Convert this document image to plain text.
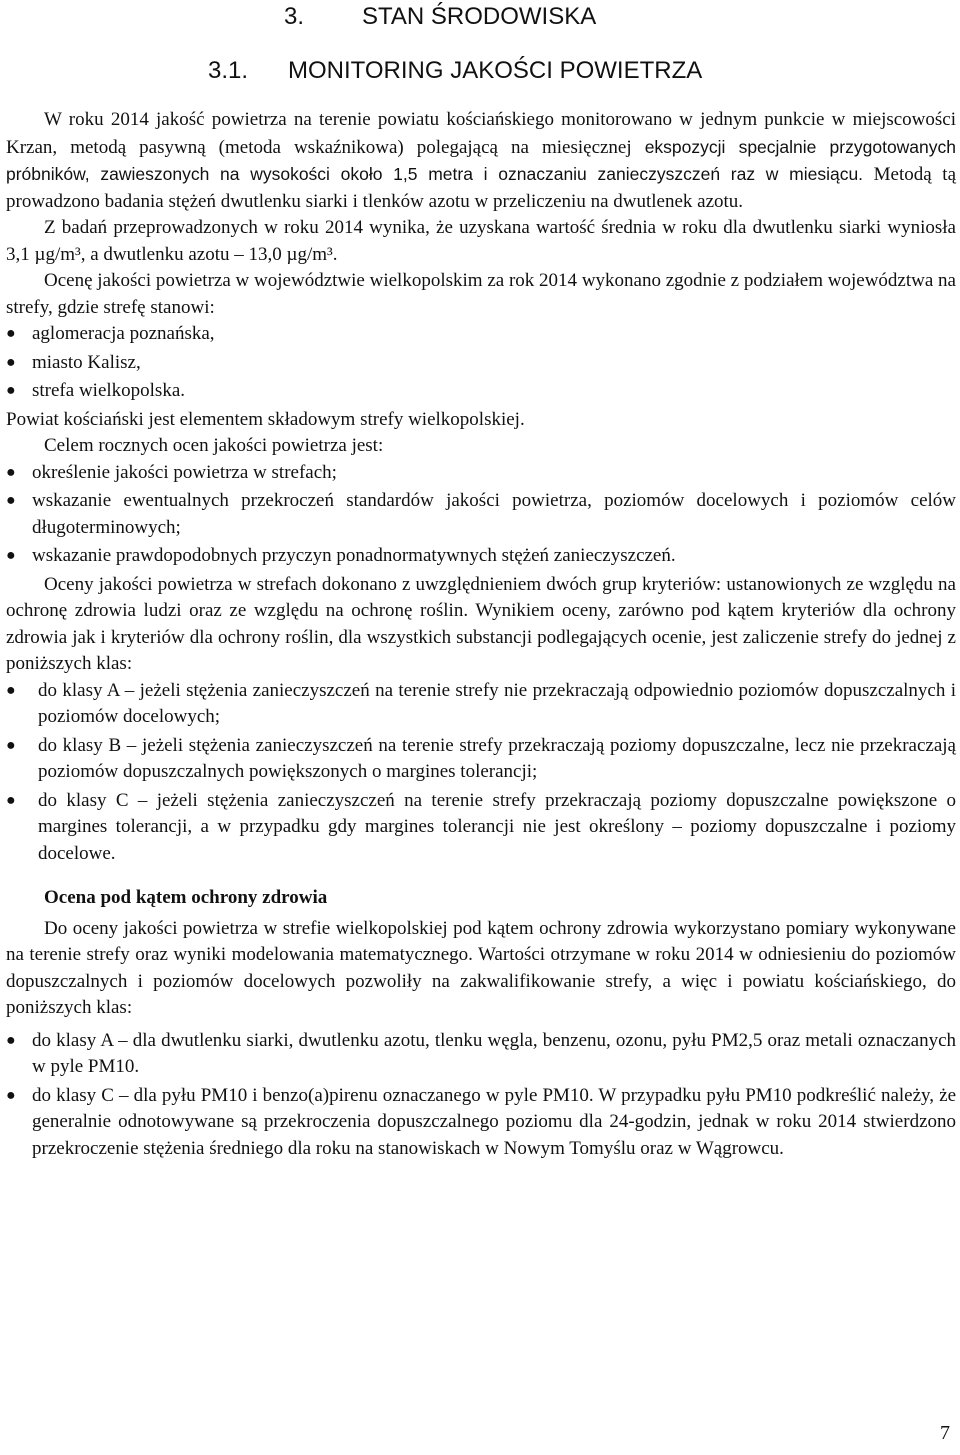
3. STAN ŚRODOWISKA
3.1. MONITORING JAKOŚCI POWIETRZA

W roku 2014 jakość powietrza na terenie powiatu kościańskiego monitorowano w jednym punkcie w miejscowości Krzan, metodą pasywną (metoda wskaźnikowa) polegającą na miesięcznej ekspozycji specjalnie przygotowanych próbników, zawieszonych na wysokości około 1,5 metra i oznaczaniu zanieczyszczeń raz w miesiącu. Metodą tą prowadzono badania stężeń dwutlenku siarki i tlenków azotu w przeliczeniu na dwutlenek azotu.

Z badań przeprowadzonych w roku 2014 wynika, że uzyskana wartość średnia w roku dla dwutlenku siarki wyniosła 3,1 µg/m³, a dwutlenku azotu – 13,0 µg/m³.

Ocenę jakości powietrza w województwie wielkopolskim za rok 2014 wykonano zgodnie z podziałem województwa na strefy, gdzie strefę stanowi:

● aglomeracja poznańska,
● miasto Kalisz,
● strefa wielkopolska.

Powiat kościański jest elementem składowym strefy wielkopolskiej.

Celem rocznych ocen jakości powietrza jest:

● określenie jakości powietrza w strefach;
● wskazanie ewentualnych przekroczeń standardów jakości powietrza, poziomów docelowych i poziomów celów długoterminowych;
● wskazanie prawdopodobnych przyczyn ponadnormatywnych stężeń zanieczyszczeń.

Oceny jakości powietrza w strefach dokonano z uwzględnieniem dwóch grup kryteriów: ustanowionych ze względu na ochronę zdrowia ludzi oraz ze względu na ochronę roślin. Wynikiem oceny, zarówno pod kątem kryteriów dla ochrony zdrowia jak i kryteriów dla ochrony roślin, dla wszystkich substancji podlegających ocenie, jest zaliczenie strefy do jednej z poniższych klas:

● do klasy A – jeżeli stężenia zanieczyszczeń na terenie strefy nie przekraczają odpowiednio poziomów dopuszczalnych i poziomów docelowych;
● do klasy B – jeżeli stężenia zanieczyszczeń na terenie strefy przekraczają poziomy dopuszczalne, lecz nie przekraczają poziomów dopuszczalnych powiększonych o margines tolerancji;
● do klasy C – jeżeli stężenia zanieczyszczeń na terenie strefy przekraczają poziomy dopuszczalne powiększone o margines tolerancji, a w przypadku gdy margines tolerancji nie jest określony – poziomy dopuszczalne i poziomy docelowe.

Ocena pod kątem ochrony zdrowia

Do oceny jakości powietrza w strefie wielkopolskiej pod kątem ochrony zdrowia wykorzystano pomiary wykonywane na terenie strefy oraz wyniki modelowania matematycznego. Wartości otrzymane w roku 2014 w odniesieniu do poziomów dopuszczalnych i poziomów docelowych pozwoliły na zakwalifikowanie strefy, a więc i powiatu kościańskiego, do poniższych klas:

● do klasy A – dla dwutlenku siarki, dwutlenku azotu, tlenku węgla, benzenu, ozonu, pyłu PM2,5 oraz metali oznaczanych w pyle PM10.
● do klasy C – dla pyłu PM10 i benzo(a)pirenu oznaczanego w pyle PM10. W przypadku pyłu PM10 podkreślić należy, że generalnie odnotowywane są przekroczenia dopuszczalnego poziomu dla 24-godzin, jednak w roku 2014 stwierdzono przekroczenie stężenia średniego dla roku na stanowiskach w Nowym Tomyślu oraz w Wągrowcu.
7
